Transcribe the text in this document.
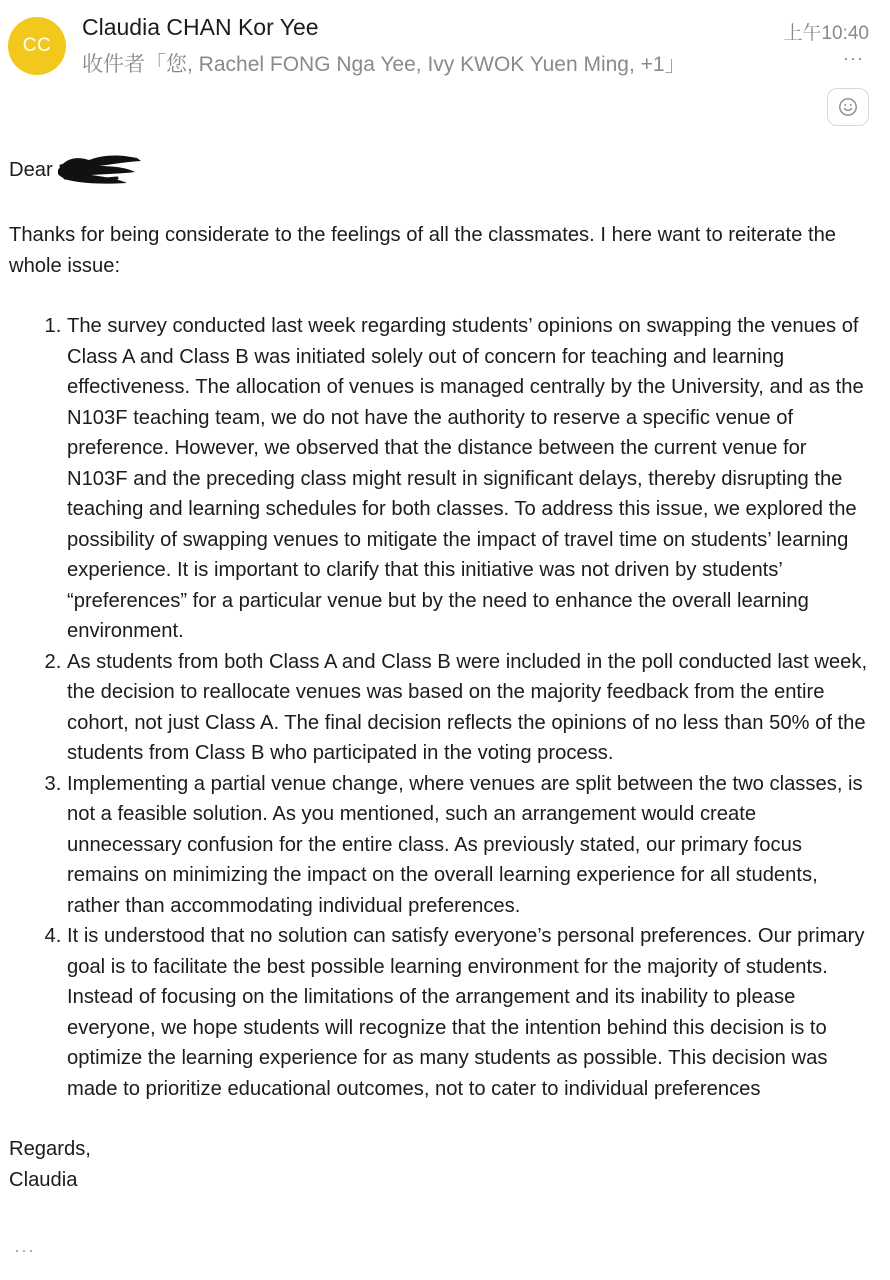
CC
Claudia CHAN Kor Yee
收件者「您, Rachel FONG Nga Yee, Ivy KWOK Yuen Ming, +1」
上午10:40
···
Dear
Thanks for being considerate to the feelings of all the classmates. I here want to reiterate the whole issue:
1. The survey conducted last week regarding students’ opinions on swapping the venues of Class A and Class B was initiated solely out of concern for teaching and learning effectiveness. The allocation of venues is managed centrally by the University, and as the N103F teaching team, we do not have the authority to reserve a specific venue of preference. However, we observed that the distance between the current venue for N103F and the preceding class might result in significant delays, thereby disrupting the teaching and learning schedules for both classes. To address this issue, we explored the possibility of swapping venues to mitigate the impact of travel time on students’ learning experience. It is important to clarify that this initiative was not driven by students’ “preferences” for a particular venue but by the need to enhance the overall learning environment.
2. As students from both Class A and Class B were included in the poll conducted last week, the decision to reallocate venues was based on the majority feedback from the entire cohort, not just Class A. The final decision reflects the opinions of no less than 50% of the students from Class B who participated in the voting process.
3. Implementing a partial venue change, where venues are split between the two classes, is not a feasible solution. As you mentioned, such an arrangement would create unnecessary confusion for the entire class. As previously stated, our primary focus remains on minimizing the impact on the overall learning experience for all students, rather than accommodating individual preferences.
4. It is understood that no solution can satisfy everyone’s personal preferences. Our primary goal is to facilitate the best possible learning environment for the majority of students. Instead of focusing on the limitations of the arrangement and its inability to please everyone, we hope students will recognize that the intention behind this decision is to optimize the learning experience for as many students as possible. This decision was made to prioritize educational outcomes, not to cater to individual preferences
Regards,
Claudia
···
